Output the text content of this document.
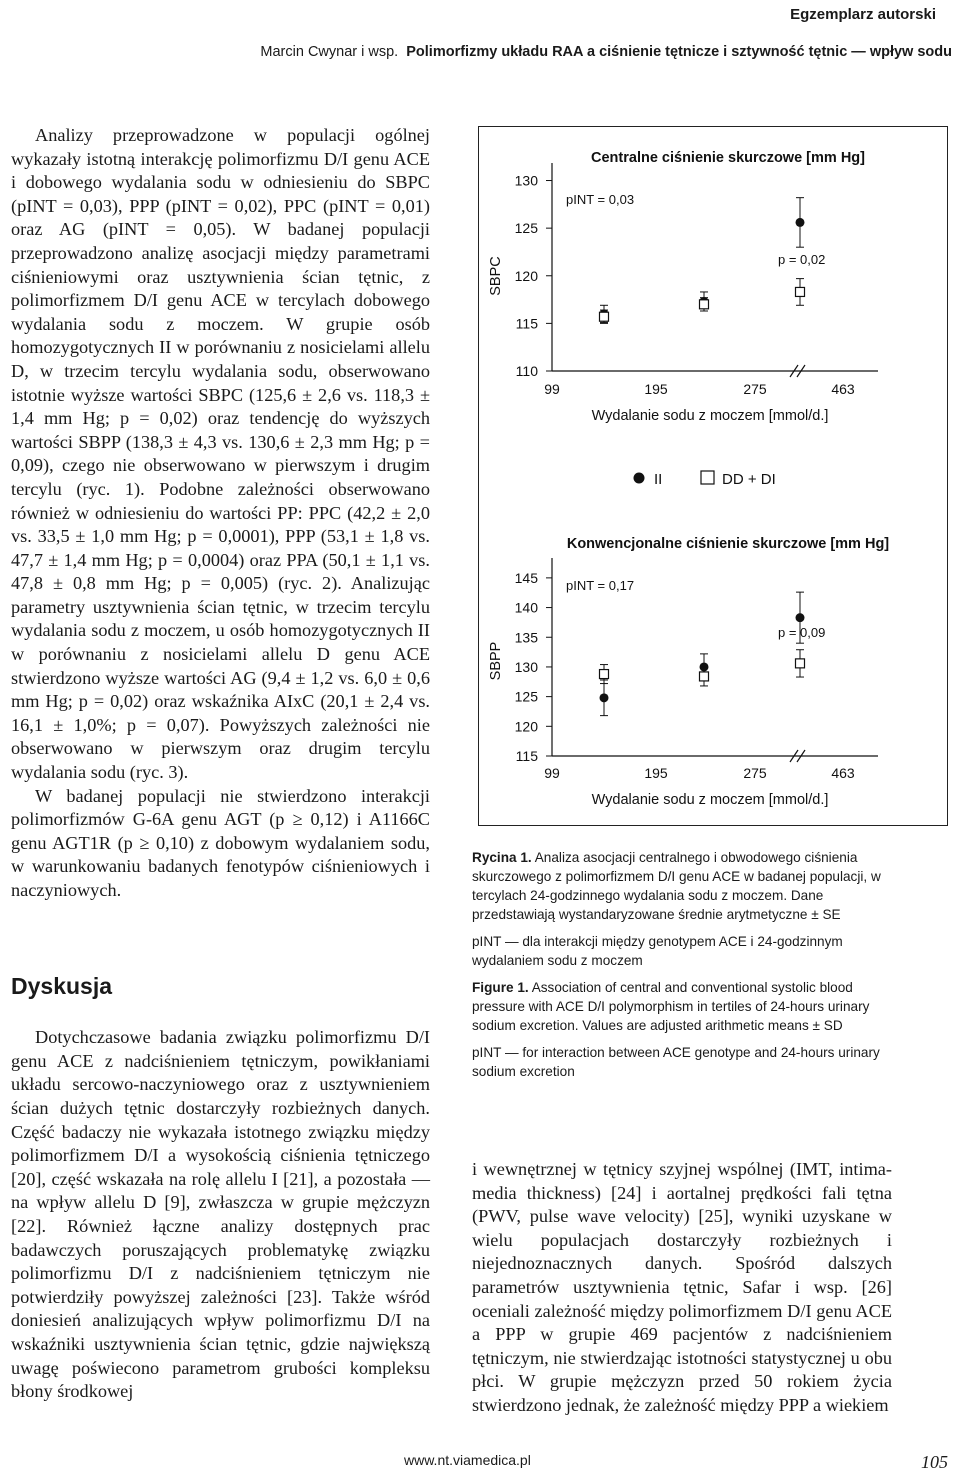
Egzemplarz autorski
Marcin Cwynar i wsp. Polimorfizmy układu RAA a ciśnienie tętnicze i sztywność tętnic — wpływ sodu

Analizy przeprowadzone w populacji ogólnej wykazały istotną interakcję polimorfizmu D/I genu ACE i dobowego wydalania sodu w odniesieniu do SBPC (pINT = 0,03), PPP (pINT = 0,02), PPC (pINT = 0,01) oraz AG (pINT = 0,05). W badanej populacji przeprowadzono analizę asocjacji między parametrami ciśnieniowymi oraz usztywnienia ścian tętnic, z polimorfizmem D/I genu ACE w tercylach dobowego wydalania sodu z moczem. W grupie osób homozygotycznych II w porównaniu z nosicielami allelu D, w trzecim tercylu wydalania sodu, obserwowano istotnie wyższe wartości SBPC (125,6 ± 2,6 vs. 118,3 ± 1,4 mm Hg; p = 0,02) oraz tendencję do wyższych wartości SBPP (138,3 ± 4,3 vs. 130,6 ± 2,3 mm Hg; p = 0,09), czego nie obserwowano w pierwszym i drugim tercylu (ryc. 1). Podobne zależności obserwowano również w odniesieniu do wartości PP: PPC (42,2 ± 2,0 vs. 33,5 ± 1,0 mm Hg; p = 0,0001), PPP (53,1 ± 1,8 vs. 47,7 ± 1,4 mm Hg; p = 0,0004) oraz PPA (50,1 ± 1,1 vs. 47,8 ± 0,8 mm Hg; p = 0,005) (ryc. 2). Analizując parametry usztywnienia ścian tętnic, w trzecim tercylu wydalania sodu z moczem, u osób homozygotycznych II w porównaniu z nosicielami allelu D genu ACE stwierdzono wyższe wartości AG (9,4 ± 1,2 vs. 6,0 ± 0,6 mm Hg; p = 0,02) oraz wskaźnika AIxC (20,1 ± 2,4 vs. 16,1 ± 1,0%; p = 0,07). Powyższych zależności nie obserwowano w pierwszym oraz drugim tercylu wydalania sodu (ryc. 3).

W badanej populacji nie stwierdzono interakcji polimorfizmów G-6A genu AGT (p ≥ 0,12) i A1166C genu AGT1R (p ≥ 0,10) z dobowym wydalaniem sodu, w warunkowaniu badanych fenotypów ciśnieniowych i naczyniowych.

Dyskusja

Dotychczasowe badania związku polimorfizmu D/I genu ACE z nadciśnieniem tętniczym, powikłaniami układu sercowo-naczyniowego oraz z usztywnieniem ścian dużych tętnic dostarczyły rozbieżnych danych. Część badaczy nie wykazała istotnego związku między polimorfizmem D/I a wysokością ciśnienia tętniczego [20], część wskazała na rolę allelu I [21], a pozostała — na wpływ allelu D [9], zwłaszcza w grupie mężczyzn [22]. Również łączne analizy dostępnych prac badawczych poruszających problematykę związku polimorfizmu D/I z nadciśnieniem tętniczym nie potwierdziły powyższej zależności [23]. Także wśród doniesień analizujących wpływ polimorfizmu D/I na wskaźniki usztywnienia ścian tętnic, gdzie największą uwagę poświecono parametrom grubości kompleksu błony środkowej

Centralne ciśnienie skurczowe [mm Hg]
SBPC
110
115
120
125
130
99	195	275	463
Wydalanie sodu z moczem [mmol/d.]
pINT = 0,03
p = 0,02
II	DD + DI
Konwencjonalne ciśnienie skurczowe [mm Hg]
SBPP
115
120
125
130
135
140
145
99	195	275	463
Wydalanie sodu z moczem [mmol/d.]
pINT = 0,17
p = 0,09

Rycina 1. Analiza asocjacji centralnego i obwodowego ciśnienia skurczowego z polimorfizmem D/I genu ACE w badanej populacji, w tercylach 24-godzinnego wydalania sodu z moczem. Dane przedstawiają wystandaryzowane średnie arytmetyczne ± SE

pINT — dla interakcji między genotypem ACE i 24-godzinnym wydalaniem sodu z moczem

Figure 1. Association of central and conventional systolic blood pressure with ACE D/I polymorphism in tertiles of 24-hours urinary sodium excretion. Values are adjusted arithmetic means ± SD

pINT — for interaction between ACE genotype and 24-hours urinary sodium excretion

i wewnętrznej w tętnicy szyjnej wspólnej (IMT, intima-media thickness) [24] i aortalnej prędkości fali tętna (PWV, pulse wave velocity) [25], wyniki uzyskane w wielu populacjach dostarczyły rozbieżnych i niejednoznacznych danych. Spośród dalszych parametrów usztywnienia tętnic, Safar i wsp. [26] oceniali zależność między polimorfizmem D/I genu ACE a PPP w grupie 469 pacjentów z nadciśnieniem tętniczym, nie stwierdzając istotności statystycznej u obu płci. W grupie mężczyzn przed 50 rokiem życia stwierdzono jednak, że zależność między PPP a wiekiem

www.nt.viamedica.pl	105
